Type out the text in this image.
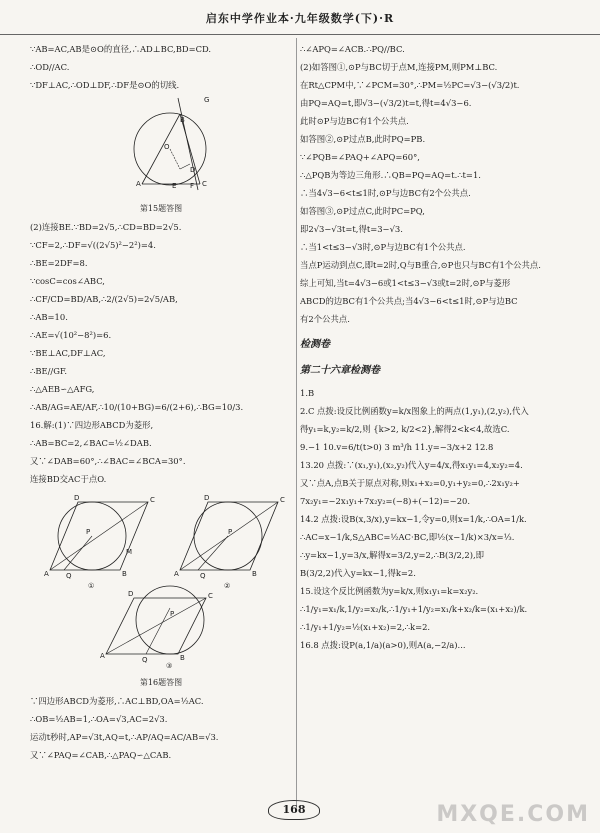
启东中学作业本·九年级数学(下)·R
∵AB=AC,AB是⊙O的直径,∴AD⊥BC,BD=CD.
∴OD//AC.
∵DF⊥AC,∴OD⊥DF,∴DF是⊙O的切线.
G
B
O
D
A	C
E F
第15题答图
(2)连接BE.∵BD=2√5,∴CD=BD=2√5.
∵CF=2,∴DF=√((2√5)²−2²)=4.
∴BE=2DF=8.
∵cosC=cos∠ABC,
∴CF/CD=BD/AB,∴2/(2√5)=2√5/AB,
∴AB=10.
∴AE=√(10²−8²)=6.
∵BE⊥AC,DF⊥AC,
∴BE//GF.
∴△AEB∽△AFG,
∴AB/AG=AE/AF,∴10/(10+BG)=6/(2+6),∴BG=10/3.
16.解:(1)∵四边形ABCD为菱形,
∴AB=BC=2,∠BAC=½∠DAB.
又∵∠DAB=60°,∴∠BAC=∠BCA=30°.
连接BD交AC于点O.
A
D	C
B
Q
P
M
①
A
D	C
B
Q
P
②
A
D	C
B
Q
P
③
第16题答图
∵四边形ABCD为菱形,∴AC⊥BD,OA=½AC.
∴OB=½AB=1,∴OA=√3,AC=2√3.
运动t秒时,AP=√3t,AQ=t,∴AP/AQ=AC/AB=√3.
又∵∠PAQ=∠CAB,∴△PAQ∽△CAB.
∴∠APQ=∠ACB.∴PQ//BC.
(2)如答图①,⊙P与BC切于点M,连接PM,则PM⊥BC.
在Rt△CPM中,∵∠PCM=30°,∴PM=½PC=√3−(√3/2)t.
由PQ=AQ=t,即√3−(√3/2)t=t,得t=4√3−6.
此时⊙P与边BC有1个公共点.
如答图②,⊙P过点B,此时PQ=PB.
∵∠PQB=∠PAQ+∠APQ=60°,
∴△PQB为等边三角形.∴QB=PQ=AQ=t.∴t=1.
∴当4√3−6<t≤1时,⊙P与边BC有2个公共点.
如答图③,⊙P过点C,此时PC=PQ,
即2√3−√3t=t,得t=3−√3.
∴当1<t≤3−√3时,⊙P与边BC有1个公共点.
当点P运动到点C,即t=2时,Q与B重合,⊙P也只与BC有1个公共点.
综上可知,当t=4√3−6或1<t≤3−√3或t=2时,⊙P与菱形
ABCD的边BC有1个公共点;当4√3−6<t≤1时,⊙P与边BC
有2个公共点.
检测卷
第二十六章检测卷
1.B
2.C 点拨:设反比例函数y=k/x图象上的两点(1,y₁),(2,y₂),代入
得y₁=k,y₂=k/2,则 {k>2, k/2<2},解得2<k<4,故选C.
9.−1 10.v=6/t(t>0) 3 m³/h 11.y=−3/x+2 12.8
13.20 点拨:∵(x₁,y₁),(x₂,y₂)代入y=4/x,得x₁y₁=4,x₂y₂=4.
又∵点A,点B关于原点对称,则x₁+x₂=0,y₁+y₂=0,∴2x₁y₂+
7x₂y₁=−2x₁y₁+7x₂y₂=(−8)+(−12)=−20.
14.2 点拨:设B(x,3/x),y=kx−1,令y=0,则x=1/k,∴OA=1/k.
∴AC=x−1/k,S△ABC=½AC·BC,即½(x−1/k)×3/x=⅓.
∴y=kx−1,y=3/x,解得x=3/2,y=2,∴B(3/2,2),即
B(3/2,2)代入y=kx−1,得k=2.
15.设这个反比例函数为y=k/x,则x₁y₁=k=x₂y₂.
∴1/y₁=x₁/k,1/y₂=x₂/k,∴1/y₁+1/y₂=x₁/k+x₂/k=(x₁+x₂)/k.
∴1/y₁+1/y₂=½(x₁+x₂)=2,∴k=2.
16.8 点拨:设P(a,1/a)(a>0),则A(a,−2/a)...
168	MXQE.COM
